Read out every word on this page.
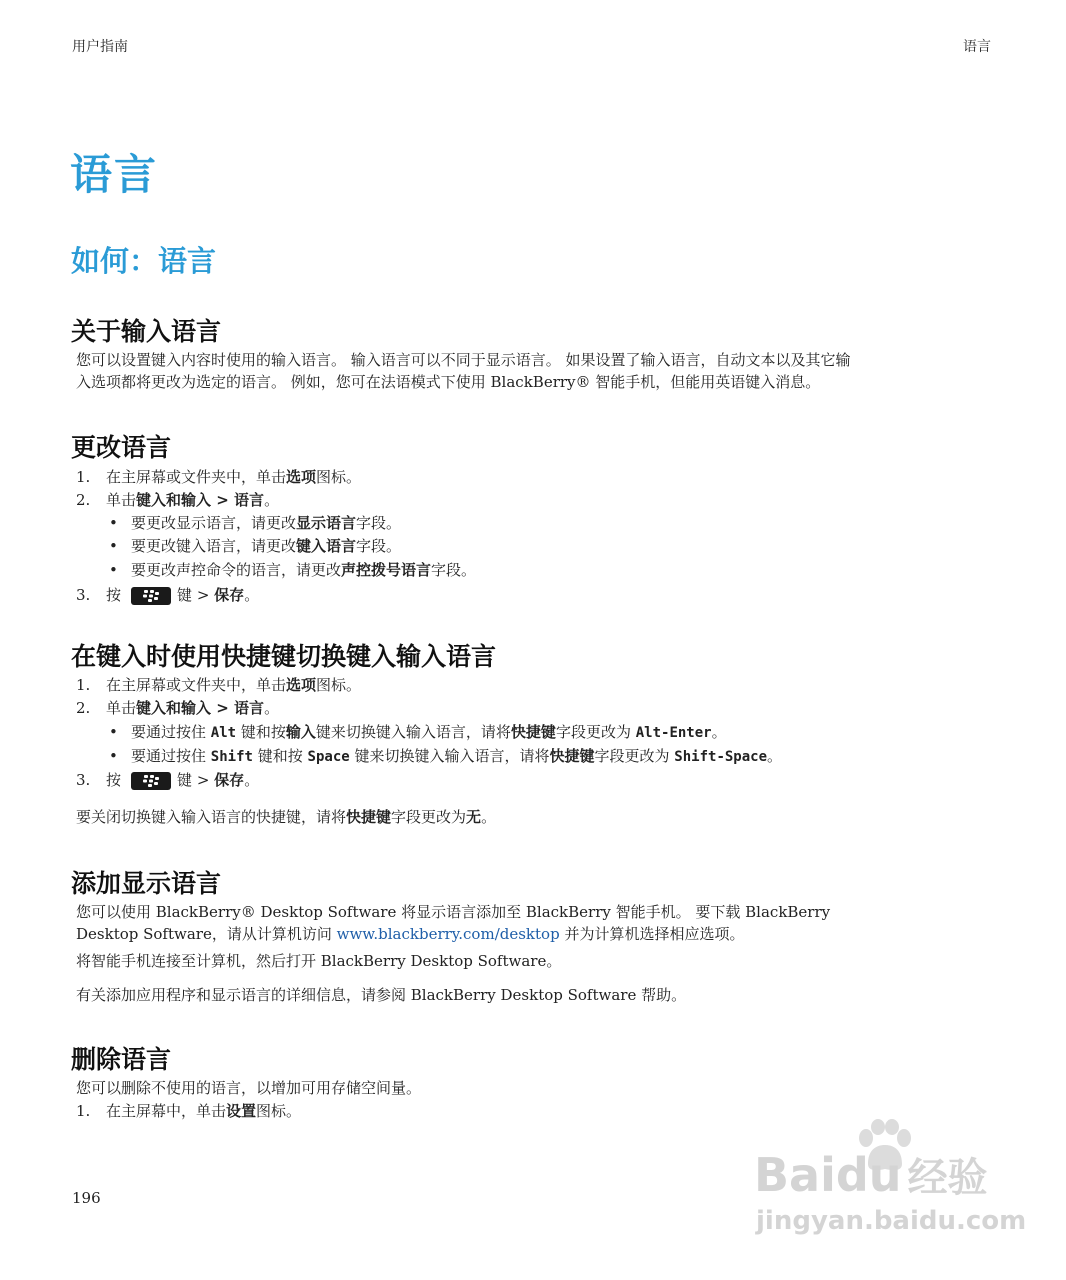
用户指南	语言
语言
如何：语言
关于输入语言
您可以设置键入内容时使用的输入语言。 输入语言可以不同于显示语言。 如果设置了输入语言，自动文本以及其它输
入选项都将更改为选定的语言。 例如，您可在法语模式下使用 BlackBerry® 智能手机，但能用英语键入消息。
更改语言
1. 在主屏幕或文件夹中，单击选项图标。
2. 单击键入和输入 > 语言。
• 要更改显示语言，请更改显示语言字段。
• 要更改键入语言，请更改键入语言字段。
• 要更改声控命令的语言，请更改声控拨号语言字段。
3. 按	键 > 保存。
在键入时使用快捷键切换键入输入语言
1. 在主屏幕或文件夹中，单击选项图标。
2. 单击键入和输入 > 语言。
• 要通过按住 Alt 键和按输入键来切换键入输入语言，请将快捷键字段更改为 Alt-Enter。
• 要通过按住 Shift 键和按 Space 键来切换键入输入语言，请将快捷键字段更改为 Shift-Space。
3. 按	键 > 保存。
要关闭切换键入输入语言的快捷键，请将快捷键字段更改为无。
添加显示语言
您可以使用 BlackBerry® Desktop Software 将显示语言添加至 BlackBerry 智能手机。 要下载 BlackBerry
Desktop Software，请从计算机访问 www.blackberry.com/desktop 并为计算机选择相应选项。
将智能手机连接至计算机，然后打开 BlackBerry Desktop Software。
有关添加应用程序和显示语言的详细信息，请参阅 BlackBerry Desktop Software 帮助。
删除语言
您可以删除不使用的语言，以增加可用存储空间量。
1. 在主屏幕中，单击设置图标。
196	Baidu 经验
jingyan.baidu.com
